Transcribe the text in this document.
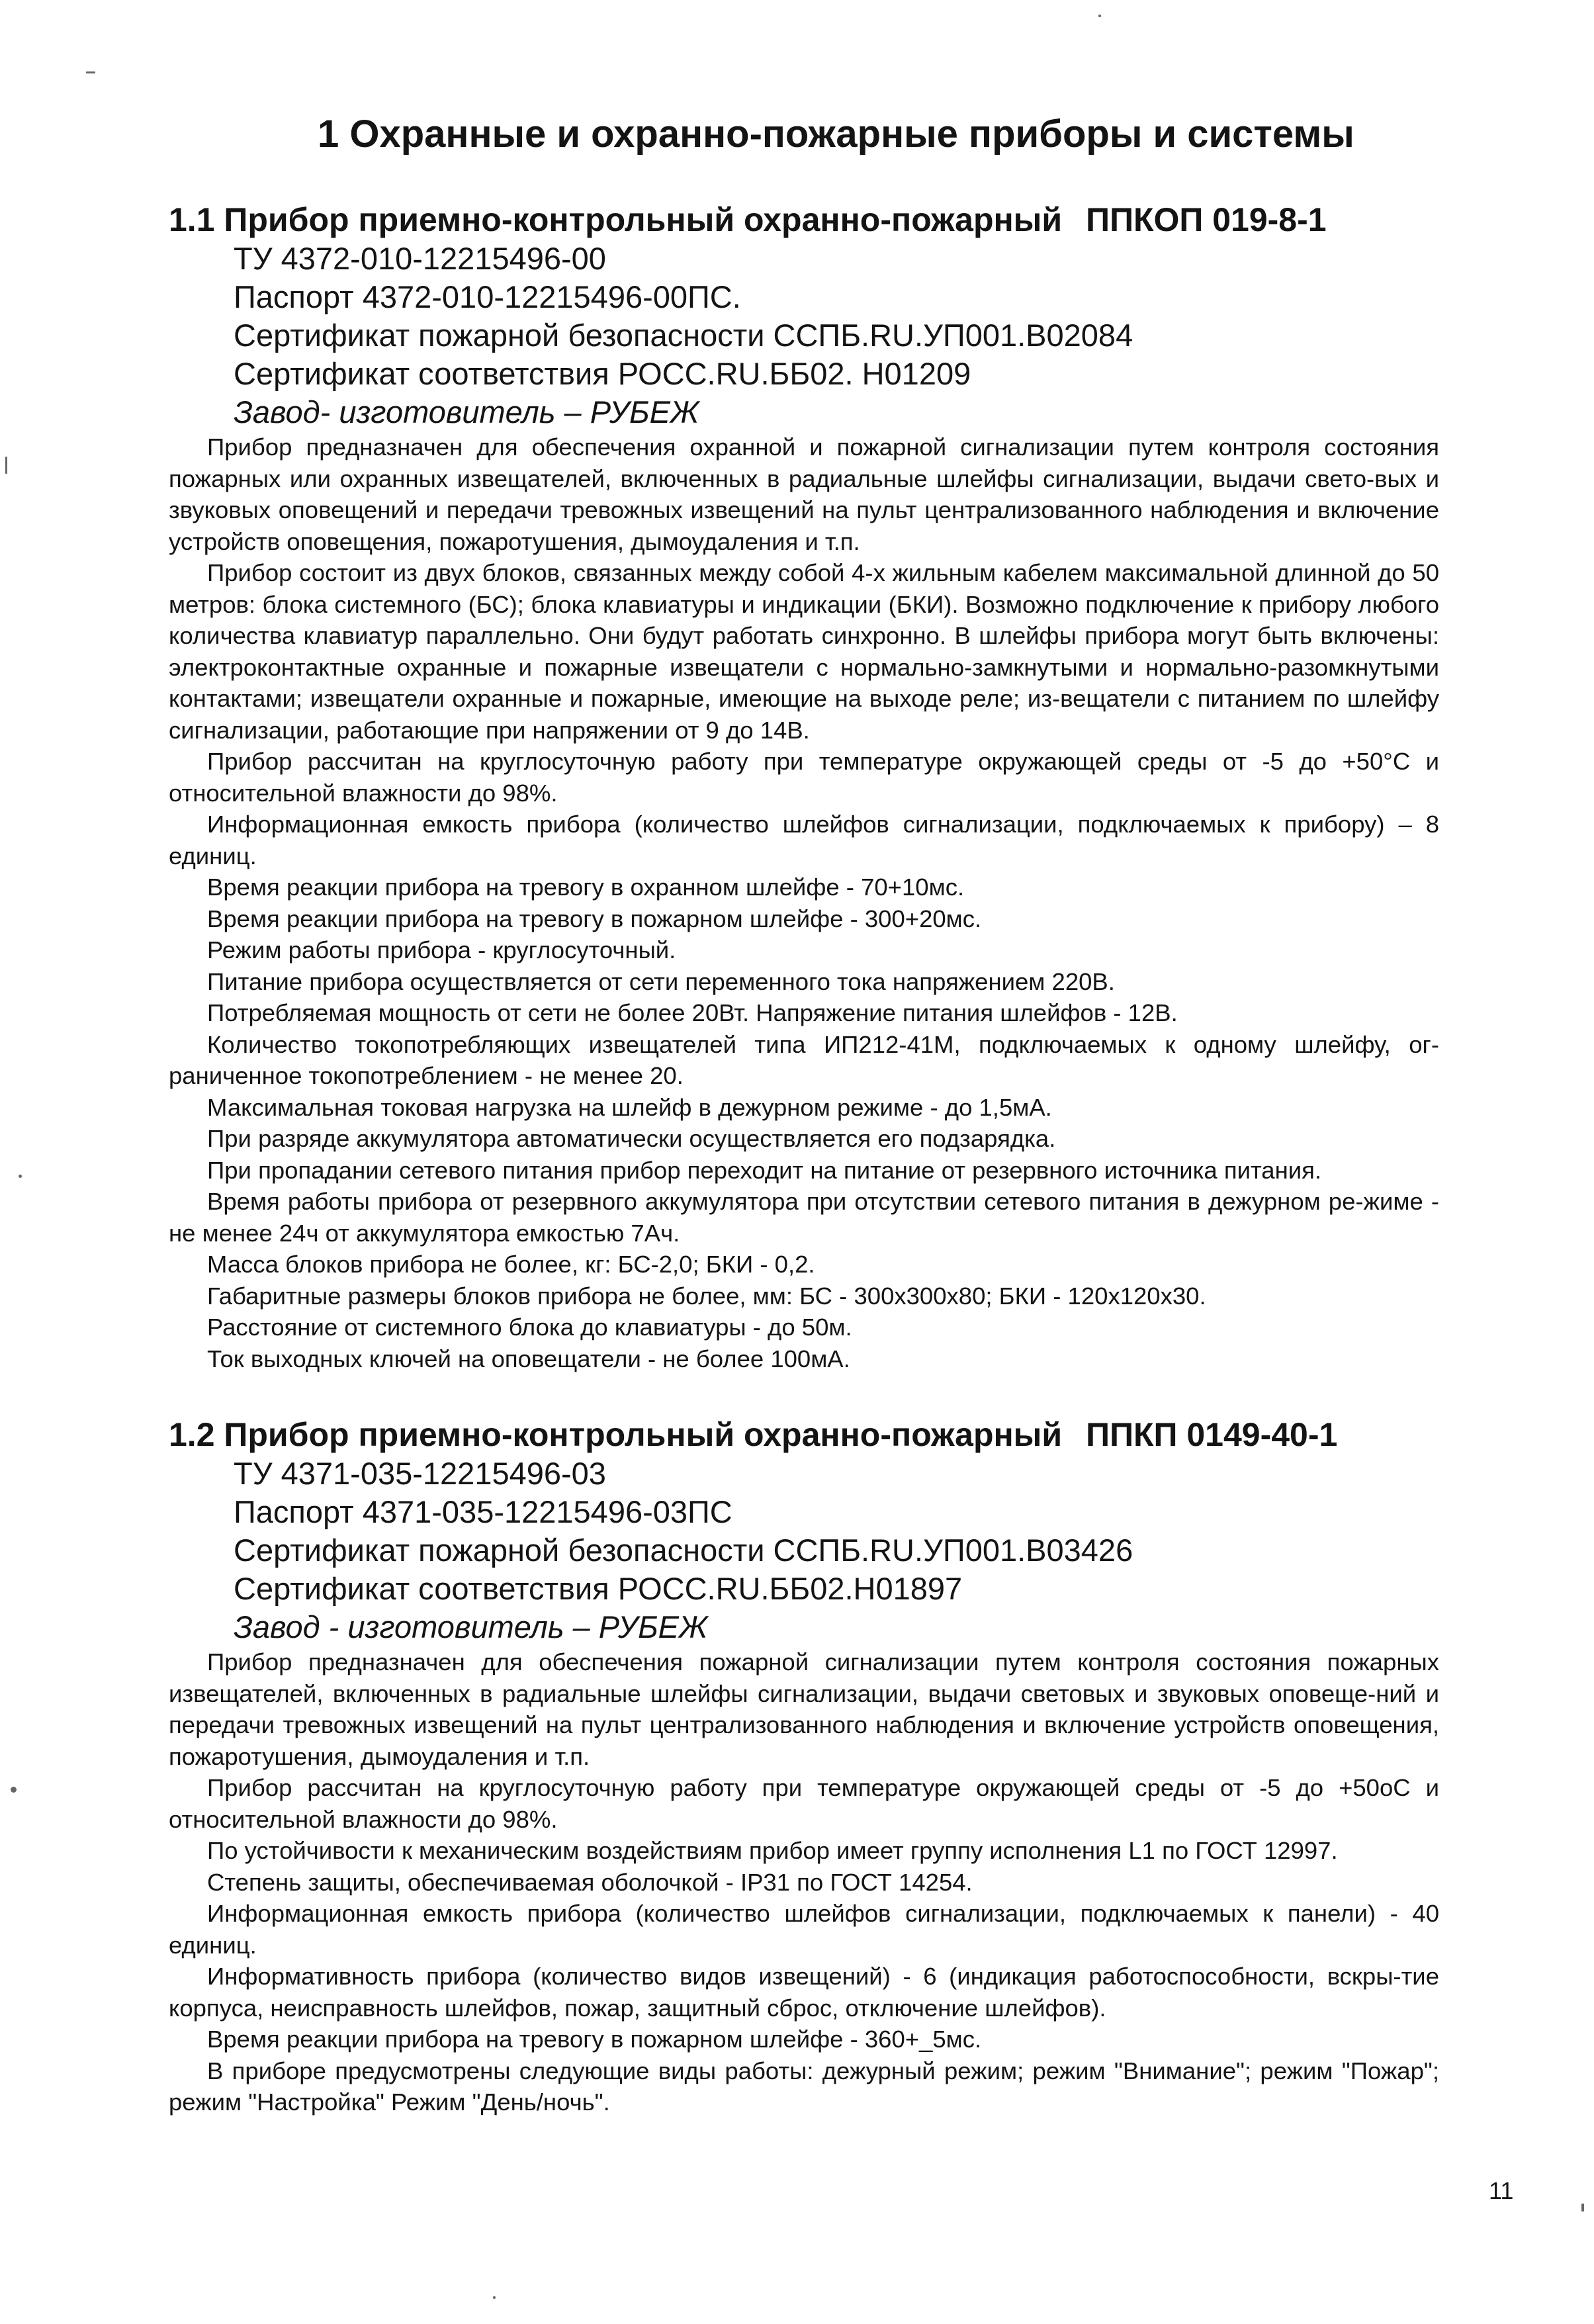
1 Охранные и охранно-пожарные приборы и системы
1.1 Прибор приемно-контрольный охранно-пожарный ППКОП 019-8-1
ТУ 4372-010-12215496-00
Паспорт 4372-010-12215496-00ПС.
Сертификат пожарной безопасности ССПБ.RU.УП001.В02084
Сертификат соответствия РОСС.RU.ББ02. Н01209
Завод- изготовитель – РУБЕЖ

Прибор предназначен для обеспечения охранной и пожарной сигнализации путем контроля состояния пожарных или охранных извещателей, включенных в радиальные шлейфы сигнализации, выдачи свето-вых и звуковых оповещений и передачи тревожных извещений на пульт централизованного наблюдения и включение устройств оповещения, пожаротушения, дымоудаления и т.п.

Прибор состоит из двух блоков, связанных между собой 4-х жильным кабелем максимальной длинной до 50 метров: блока системного (БС); блока клавиатуры и индикации (БКИ). Возможно подключение к прибору любого количества клавиатур параллельно. Они будут работать синхронно. В шлейфы прибора могут быть включены: электроконтактные охранные и пожарные извещатели с нормально-замкнутыми и нормально-разомкнутыми контактами; извещатели охранные и пожарные, имеющие на выходе реле; из-вещатели с питанием по шлейфу сигнализации, работающие при напряжении от 9 до 14В.

Прибор рассчитан на круглосуточную работу при температуре окружающей среды от -5 до +50°С и относительной влажности до 98%.

Информационная емкость прибора (количество шлейфов сигнализации, подключаемых к прибору) – 8 единиц.

Время реакции прибора на тревогу в охранном шлейфе - 70+10мс.

Время реакции прибора на тревогу в пожарном шлейфе - 300+20мс.

Режим работы прибора - круглосуточный.

Питание прибора осуществляется от сети переменного тока напряжением 220В.

Потребляемая мощность от сети не более 20Вт. Напряжение питания шлейфов - 12В.

Количество токопотребляющих извещателей типа ИП212-41М, подключаемых к одному шлейфу, ог-раниченное токопотреблением - не менее 20.

Максимальная токовая нагрузка на шлейф в дежурном режиме - до 1,5мА.

При разряде аккумулятора автоматически осуществляется его подзарядка.

При пропадании сетевого питания прибор переходит на питание от резервного источника питания.

Время работы прибора от резервного аккумулятора при отсутствии сетевого питания в дежурном ре-жиме - не менее 24ч от аккумулятора емкостью 7Ач.

Масса блоков прибора не более, кг: БС-2,0; БКИ - 0,2.

Габаритные размеры блоков прибора не более, мм: БС - 300х300х80; БКИ - 120х120х30.

Расстояние от системного блока до клавиатуры - до 50м.

Ток выходных ключей на оповещатели - не более 100мА.

1.2 Прибор приемно-контрольный охранно-пожарный ППКП 0149-40-1
ТУ 4371-035-12215496-03
Паспорт 4371-035-12215496-03ПС
Сертификат пожарной безопасности ССПБ.RU.УП001.В03426
Сертификат соответствия РОСС.RU.ББ02.Н01897
Завод - изготовитель – РУБЕЖ

Прибор предназначен для обеспечения пожарной сигнализации путем контроля состояния пожарных извещателей, включенных в радиальные шлейфы сигнализации, выдачи световых и звуковых оповеще-ний и передачи тревожных извещений на пульт централизованного наблюдения и включение устройств оповещения, пожаротушения, дымоудаления и т.п.

Прибор рассчитан на круглосуточную работу при температуре окружающей среды от -5 до +50оС и относительной влажности до 98%.

По устойчивости к механическим воздействиям прибор имеет группу исполнения L1 по ГОСТ 12997.

Степень защиты, обеспечиваемая оболочкой - IP31 по ГОСТ 14254.

Информационная емкость прибора (количество шлейфов сигнализации, подключаемых к панели) - 40 единиц.

Информативность прибора (количество видов извещений) - 6 (индикация работоспособности, вскры-тие корпуса, неисправность шлейфов, пожар, защитный сброс, отключение шлейфов).

Время реакции прибора на тревогу в пожарном шлейфе - 360+_5мс.

В приборе предусмотрены следующие виды работы: дежурный режим; режим "Внимание"; режим "Пожар"; режим "Настройка" Режим "День/ночь".

11
